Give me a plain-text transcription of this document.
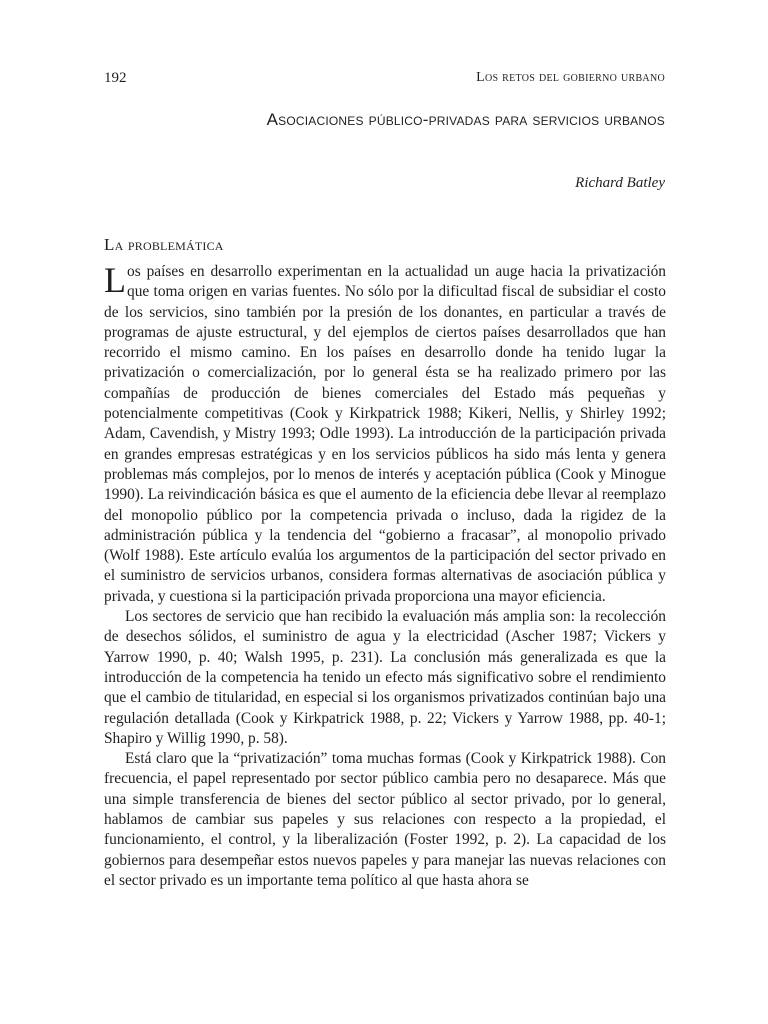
192	Los retos del gobierno urbano
Asociaciones público-privadas para servicios urbanos
Richard Batley
La problemática

Los países en desarrollo experimentan en la actualidad un auge hacia la privatización que toma origen en varias fuentes. No sólo por la dificultad fiscal de subsidiar el costo de los servicios, sino también por la presión de los donantes, en particular a través de programas de ajuste estructural, y del ejemplos de ciertos países desarrollados que han recorrido el mismo camino. En los países en desarrollo donde ha tenido lugar la privatización o comercialización, por lo general ésta se ha realizado primero por las compañías de producción de bienes comerciales del Estado más pequeñas y potencialmente competitivas (Cook y Kirkpatrick 1988; Kikeri, Nellis, y Shirley 1992; Adam, Cavendish, y Mistry 1993; Odle 1993). La introducción de la participación privada en grandes empresas estratégicas y en los servicios públicos ha sido más lenta y genera problemas más complejos, por lo menos de interés y aceptación pública (Cook y Minogue 1990). La reivindicación básica es que el aumento de la eficiencia debe llevar al reemplazo del monopolio público por la competencia privada o incluso, dada la rigidez de la administración pública y la tendencia del “gobierno a fracasar”, al monopolio privado (Wolf 1988). Este artículo evalúa los argumentos de la participación del sector privado en el suministro de servicios urbanos, considera formas alternativas de asociación pública y privada, y cuestiona si la participación privada proporciona una mayor eficiencia.

Los sectores de servicio que han recibido la evaluación más amplia son: la recolección de desechos sólidos, el suministro de agua y la electricidad (Ascher 1987; Vickers y Yarrow 1990, p. 40; Walsh 1995, p. 231). La conclusión más generalizada es que la introducción de la competencia ha tenido un efecto más significativo sobre el rendimiento que el cambio de titularidad, en especial si los organismos privatizados continúan bajo una regulación detallada (Cook y Kirkpatrick 1988, p. 22; Vickers y Yarrow 1988, pp. 40-1; Shapiro y Willig 1990, p. 58).

Está claro que la “privatización” toma muchas formas (Cook y Kirkpatrick 1988). Con frecuencia, el papel representado por sector público cambia pero no desaparece. Más que una simple transferencia de bienes del sector público al sector privado, por lo general, hablamos de cambiar sus papeles y sus relaciones con respecto a la propiedad, el funcionamiento, el control, y la liberalización (Foster 1992, p. 2). La capacidad de los gobiernos para desempeñar estos nuevos papeles y para manejar las nuevas relaciones con el sector privado es un importante tema político al que hasta ahora se
